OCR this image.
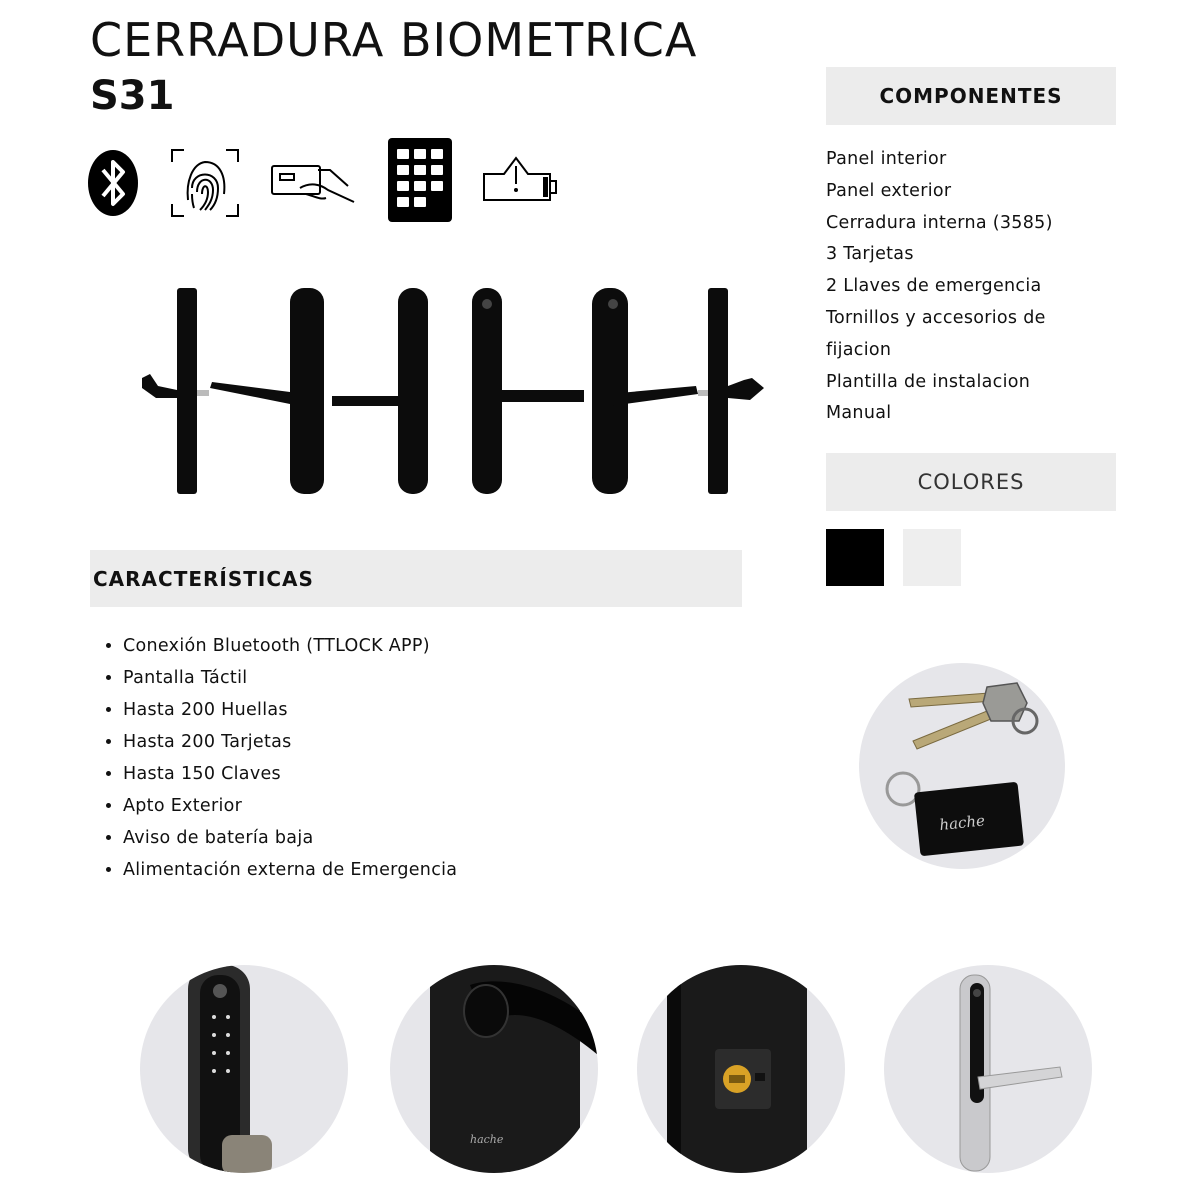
CERRADURA BIOMETRICA
S31
CARACTERÍSTICAS
• Conexión Bluetooth (TTLOCK APP)
• Pantalla Táctil
• Hasta 200 Huellas
• Hasta 200 Tarjetas
• Hasta 150 Claves
• Apto Exterior
• Aviso de batería baja
• Alimentación externa de Emergencia
COMPONENTES
Panel interior
Panel exterior
Cerradura interna (3585)
3 Tarjetas
2 Llaves de emergencia
Tornillos y accesorios de fijacion
Plantilla de instalacion
Manual
COLORES
hache
hache
